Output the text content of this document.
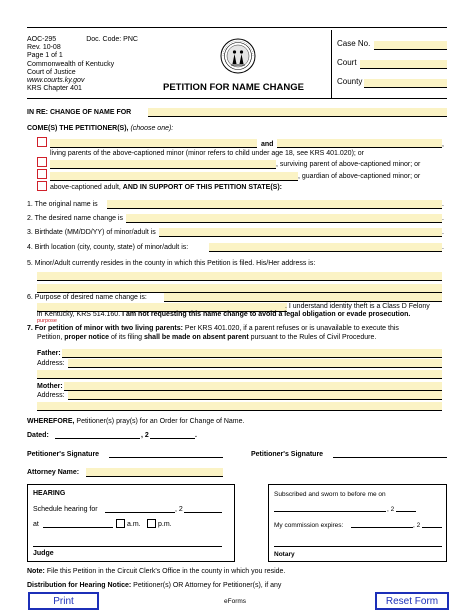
AOC-295	Doc. Code: PNC
Rev. 10-08
Page 1 of 1
Commonwealth of Kentucky
Court of Justice
www.courts.ky.gov
KRS Chapter 401	PETITION FOR NAME CHANGE
Case No.
Court
County
IN RE: CHANGE OF NAME FOR
COME(S) THE PETITIONER(S), (choose one):
and	,
living parents of the above-captioned minor (minor refers to child under age 18, see KRS 401.020); or
, surviving parent of above-captioned minor; or
, guardian of above-captioned minor; or
above-captioned adult, AND IN SUPPORT OF THIS PETITION STATE(S):
1. The original name is	.
2. The desired name change is	.
3. Birthdate (MM/DD/YY) of minor/adult is	.
4. Birth location (city, county, state) of minor/adult is:	.
5. Minor/Adult currently resides in the county in which this Petition is filed. His/Her address is:
6. Purpose of desired name change is:
. I understand identity theft is a Class D Felony
in Kentucky, KRS 514.160. I am not requesting this name change to avoid a legal obligation or evade prosecution.
purpose
7. For petition of minor with two living parents: Per KRS 401.020, if a parent refuses or is unavailable to execute this
Petition, proper notice of its filing shall be made on absent parent pursuant to the Rules of Civil Procedure.
Father:
Address:
Mother:
Address:
WHEREFORE, Petitioner(s) pray(s) for an Order for Change of Name.
Dated:	, 2	.
Petitioner's Signature	Petitioner's Signature
Attorney Name:
HEARING
Schedule hearing for	, 2
at	a.m. p.m.
Judge
Subscribed and sworn to before me on
, 2
My commission expires:	, 2
Notary
Note: File this Petition in the Circuit Clerk's Office in the county in which you reside.
Distribution for Hearing Notice: Petitioner(s) OR Attorney for Petitioner(s), if any
Print	eForms	Reset Form
